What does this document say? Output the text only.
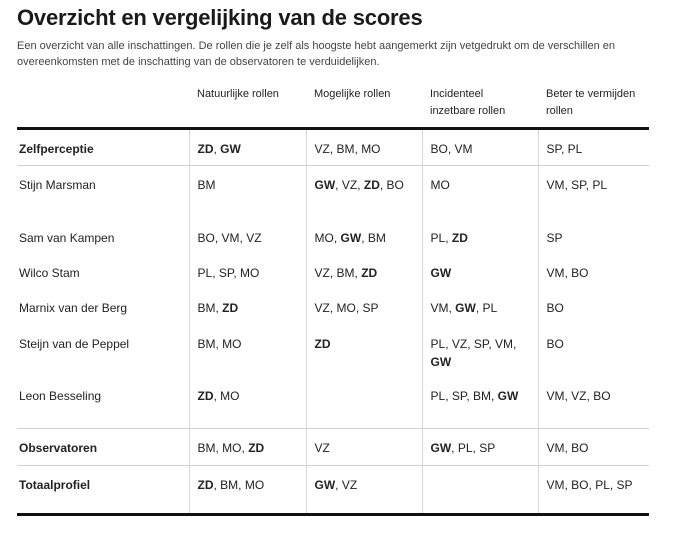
Overzicht en vergelijking van de scores
Een overzicht van alle inschattingen. De rollen die je zelf als hoogste hebt aangemerkt zijn vetgedrukt om de verschillen en overeenkomsten met de inschatting van de observatoren te verduidelijken.
	Natuurlijke rollen	Mogelijke rollen	Incidenteel inzetbare rollen	Beter te vermijden rollen
Zelfperceptie	ZD, GW	VZ, BM, MO	BO, VM	SP, PL
Stijn Marsman	BM	GW, VZ, ZD, BO	MO	VM, SP, PL
Sam van Kampen	BO, VM, VZ	MO, GW, BM	PL, ZD	SP
Wilco Stam	PL, SP, MO	VZ, BM, ZD	GW	VM, BO
Marnix van der Berg	BM, ZD	VZ, MO, SP	VM, GW, PL	BO
Steijn van de Peppel	BM, MO	ZD	PL, VZ, SP, VM, GW	BO
Leon Besseling	ZD, MO		PL, SP, BM, GW	VM, VZ, BO
Observatoren	BM, MO, ZD	VZ	GW, PL, SP	VM, BO
Totaalprofiel	ZD, BM, MO	GW, VZ		VM, BO, PL, SP
